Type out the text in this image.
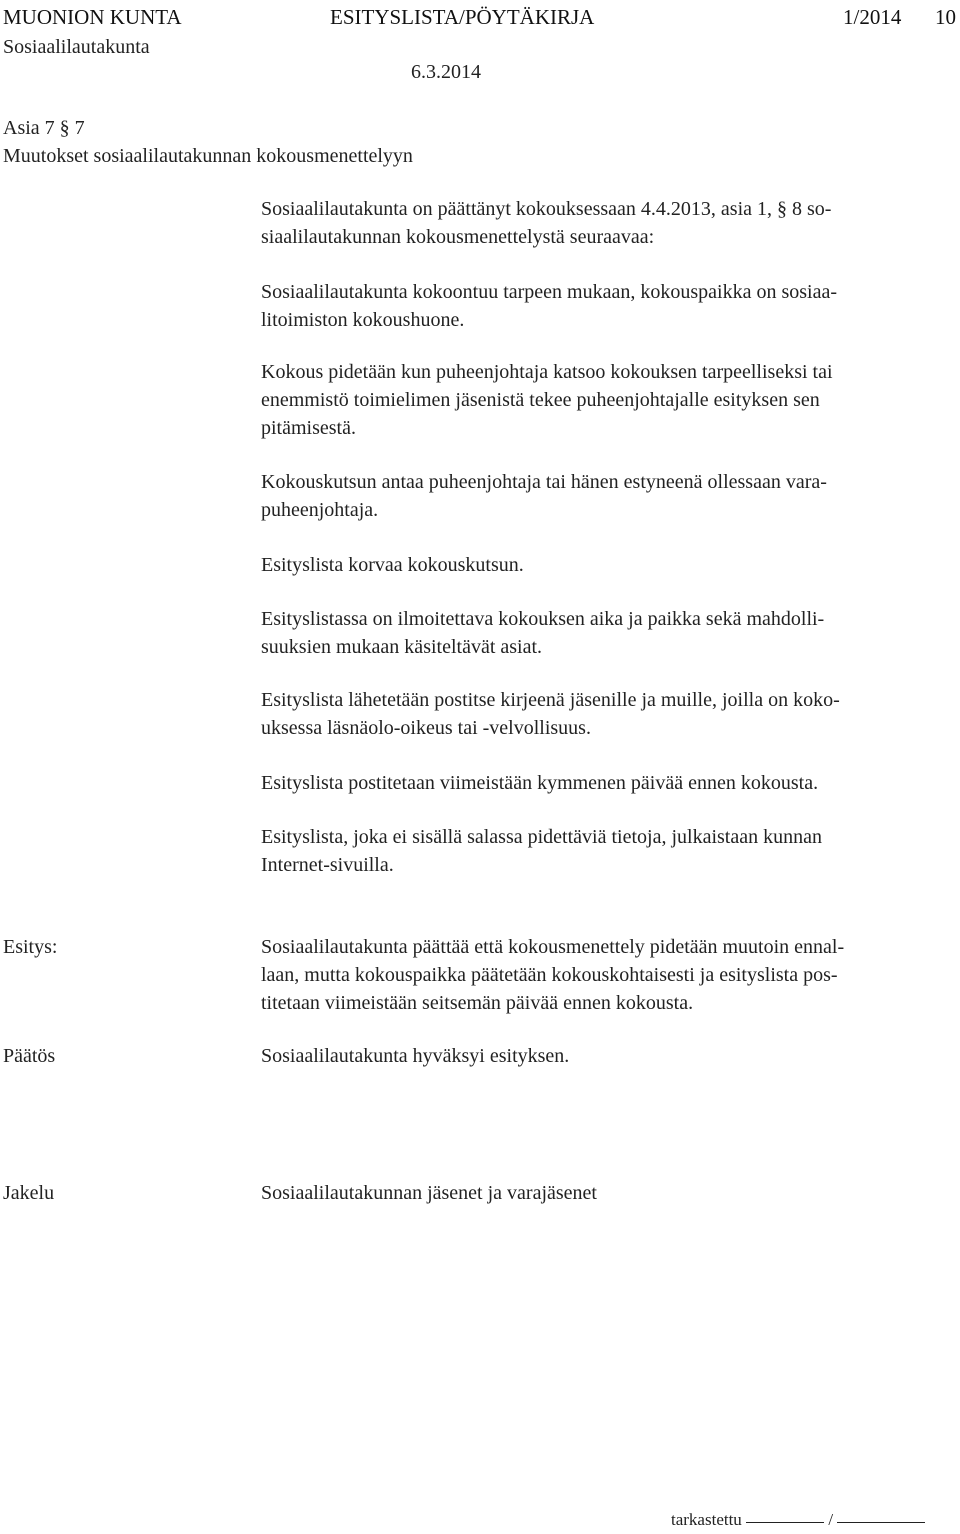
MUONION KUNTA	ESITYSLISTA/PÖYTÄKIRJA	1/2014 10
Sosiaalilautakunta
6.3.2014
Asia 7 § 7
Muutokset sosiaalilautakunnan kokousmenettelyyn

Sosiaalilautakunta on päättänyt kokouksessaan 4.4.2013, asia 1, § 8 so-

siaalilautakunnan kokousmenettelystä seuraavaa:

Sosiaalilautakunta kokoontuu tarpeen mukaan, kokouspaikka on sosiaa-

litoimiston kokoushuone.

Kokous pidetään kun puheenjohtaja katsoo kokouksen tarpeelliseksi tai

enemmistö toimielimen jäsenistä tekee puheenjohtajalle esityksen sen

pitämisestä.

Kokouskutsun antaa puheenjohtaja tai hänen estyneenä ollessaan vara-

puheenjohtaja.

Esityslista korvaa kokouskutsun.

Esityslistassa on ilmoitettava kokouksen aika ja paikka sekä mahdolli-

suuksien mukaan käsiteltävät asiat.

Esityslista lähetetään postitse kirjeenä jäsenille ja muille, joilla on koko-

uksessa läsnäolo-oikeus tai -velvollisuus.

Esityslista postitetaan viimeistään kymmenen päivää ennen kokousta.

Esityslista, joka ei sisällä salassa pidettäviä tietoja, julkaistaan kunnan

Internet-sivuilla.

Esitys:	Sosiaalilautakunta päättää että kokousmenettely pidetään muutoin ennal-

laan, mutta kokouspaikka päätetään kokouskohtaisesti ja esityslista pos-

titetaan viimeistään seitsemän päivää ennen kokousta.

Päätös	Sosiaalilautakunta hyväksyi esityksen.
Jakelu	Sosiaalilautakunnan jäsenet ja varajäsenet
tarkastettu	/
